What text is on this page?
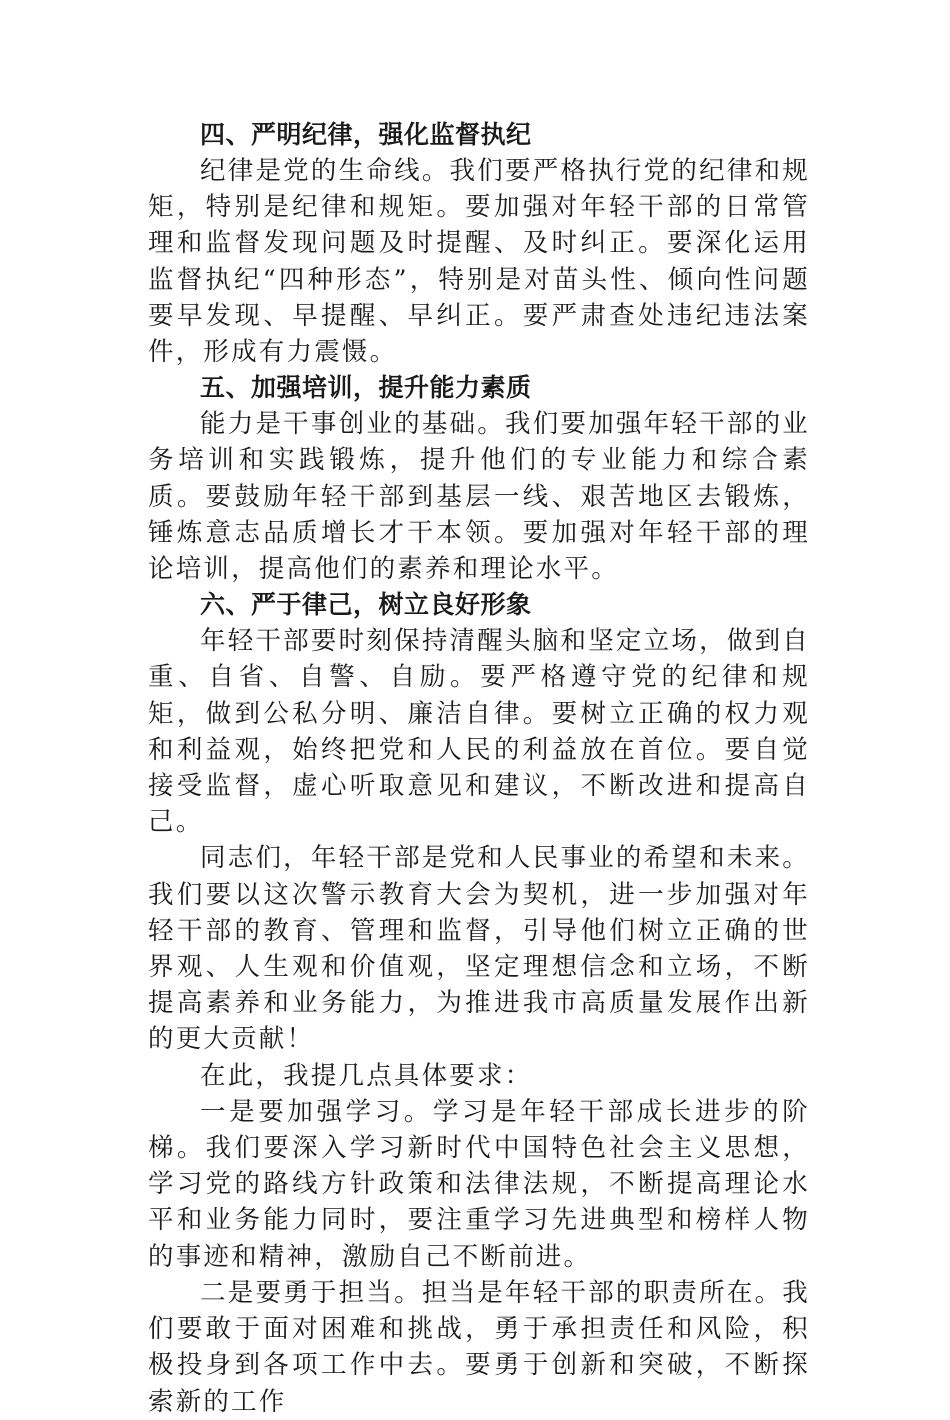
四、严明纪律，强化监督执纪

纪律是党的生命线。我们要严格执行党的纪律和规矩，特别是纪律和规矩。要加强对年轻干部的日常管理和监督发现问题及时提醒、及时纠正。要深化运用监督执纪“四种形态”，特别是对苗头性、倾向性问题要早发现、早提醒、早纠正。要严肃查处违纪违法案件，形成有力震慑。

五、加强培训，提升能力素质

能力是干事创业的基础。我们要加强年轻干部的业务培训和实践锻炼，提升他们的专业能力和综合素质。要鼓励年轻干部到基层一线、艰苦地区去锻炼，锤炼意志品质增长才干本领。要加强对年轻干部的理论培训，提高他们的素养和理论水平。

六、严于律己，树立良好形象

年轻干部要时刻保持清醒头脑和坚定立场，做到自重、自省、自警、自励。要严格遵守党的纪律和规矩，做到公私分明、廉洁自律。要树立正确的权力观和利益观，始终把党和人民的利益放在首位。要自觉接受监督，虚心听取意见和建议，不断改进和提高自己。

同志们，年轻干部是党和人民事业的希望和未来。我们要以这次警示教育大会为契机，进一步加强对年轻干部的教育、管理和监督，引导他们树立正确的世界观、人生观和价值观，坚定理想信念和立场，不断提高素养和业务能力，为推进我市高质量发展作出新的更大贡献！

在此，我提几点具体要求：

一是要加强学习。学习是年轻干部成长进步的阶梯。我们要深入学习新时代中国特色社会主义思想，学习党的路线方针政策和法律法规，不断提高理论水平和业务能力同时，要注重学习先进典型和榜样人物的事迹和精神，激励自己不断前进。

二是要勇于担当。担当是年轻干部的职责所在。我们要敢于面对困难和挑战，勇于承担责任和风险，积极投身到各项工作中去。要勇于创新和突破，不断探索新的工作
